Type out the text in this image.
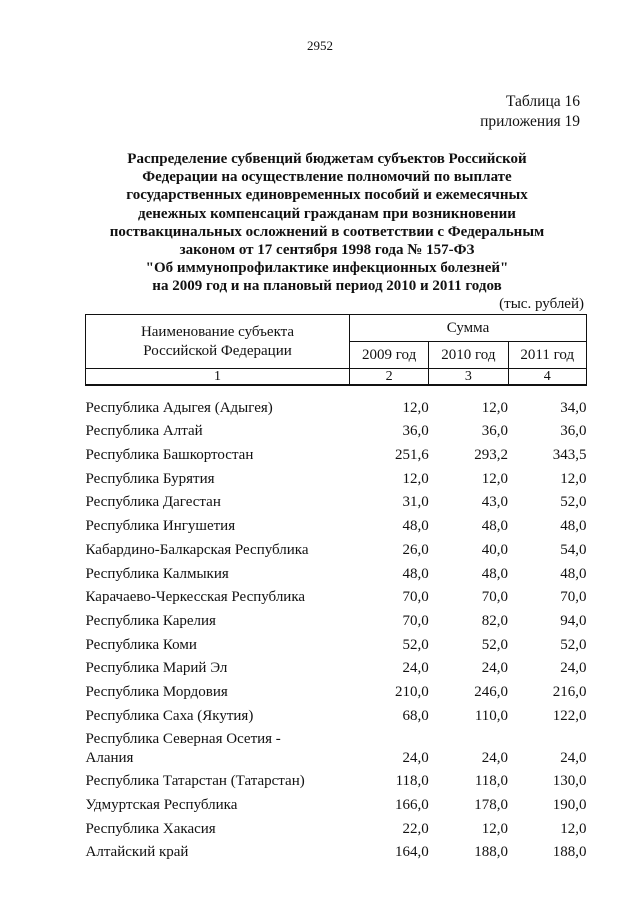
2952
Таблица 16
приложения 19
Распределение субвенций бюджетам субъектов Российской
Федерации на осуществление полномочий по выплате
государственных единовременных пособий и ежемесячных
денежных компенсаций гражданам при возникновении
поствакцинальных осложнений в соответствии с Федеральным
законом от 17 сентября 1998 года № 157-ФЗ
"Об иммунопрофилактике инфекционных болезней"
на 2009 год и на плановый период 2010 и 2011 годов
(тыс. рублей)
Наименование субъекта
Российской Федерации	Сумма		
	2009 год	2010 год	2011 год
1	2	3	4

Республика Адыгея (Адыгея)	12,0	12,0	34,0

Республика Алтай	36,0	36,0	36,0

Республика Башкортостан	251,6	293,2	343,5

Республика Бурятия	12,0	12,0	12,0

Республика Дагестан	31,0	43,0	52,0

Республика Ингушетия	48,0	48,0	48,0

Кабардино-Балкарская Республика	26,0	40,0	54,0

Республика Калмыкия	48,0	48,0	48,0

Карачаево-Черкесская Республика	70,0	70,0	70,0

Республика Карелия	70,0	82,0	94,0

Республика Коми	52,0	52,0	52,0

Республика Марий Эл	24,0	24,0	24,0

Республика Мордовия	210,0	246,0	216,0

Республика Саха (Якутия)	68,0	110,0	122,0

Республика Северная Осетия -
Алания	24,0	24,0	24,0

Республика Татарстан (Татарстан)	118,0	118,0	130,0

Удмуртская Республика	166,0	178,0	190,0

Республика Хакасия	22,0	12,0	12,0

Алтайский край	164,0	188,0	188,0
